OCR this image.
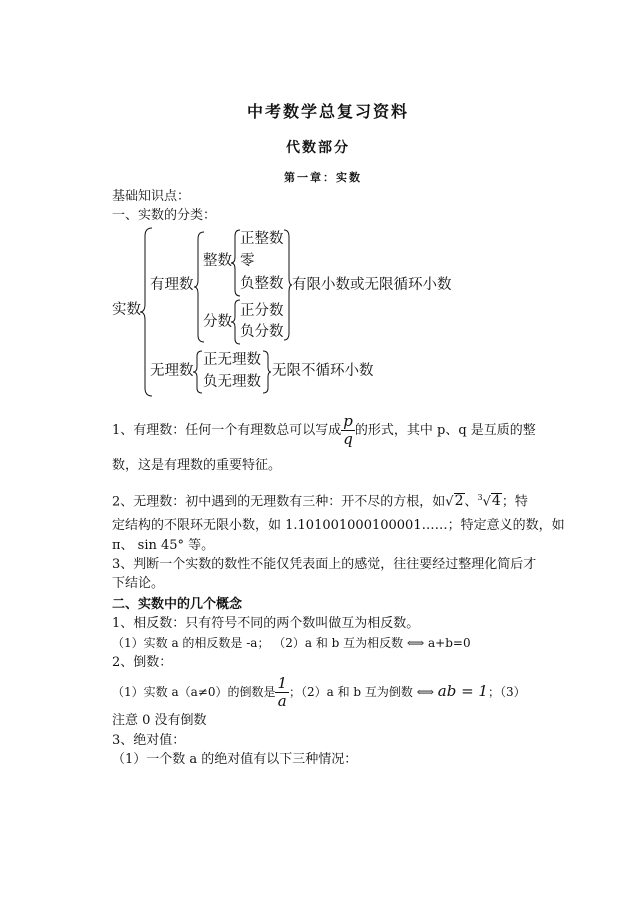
中考数学总复习资料
代数部分
第一章：实数
基础知识点：
一、实数的分类：
实数
有理数
整数
正整数
零
负整数 有限小数或无限循环小数
分数
正分数
负分数
无理数
正无理数
负无理数
无限不循环小数
1、有理数：任何一个有理数总可以写成 $\frac{p}{q}$ 的形式，其中 p、q 是互质的整
数，这是有理数的重要特征。
2、无理数：初中遇到的无理数有三种：开不尽的方根，如√2、$^3$√4；特
定结构的不限环无限小数，如 1.101001000100001……；特定意义的数，如
π、 sin 45° 等。
3、判断一个实数的数性不能仅凭表面上的感觉，往往要经过整理化简后才
下结论。
二、实数中的几个概念
1、相反数：只有符号不同的两个数叫做互为相反数。
（1）实数 a 的相反数是 -a； （2）a 和 b 互为相反数 ⟺ a+b=0
2、倒数：
（1）实数 a（a≠0）的倒数是 $\frac{1}{a}$ ；（2）a 和 b 互为倒数 ⟺ ab = 1；（3）
注意 0 没有倒数
3、绝对值：
（1）一个数 a 的绝对值有以下三种情况：
